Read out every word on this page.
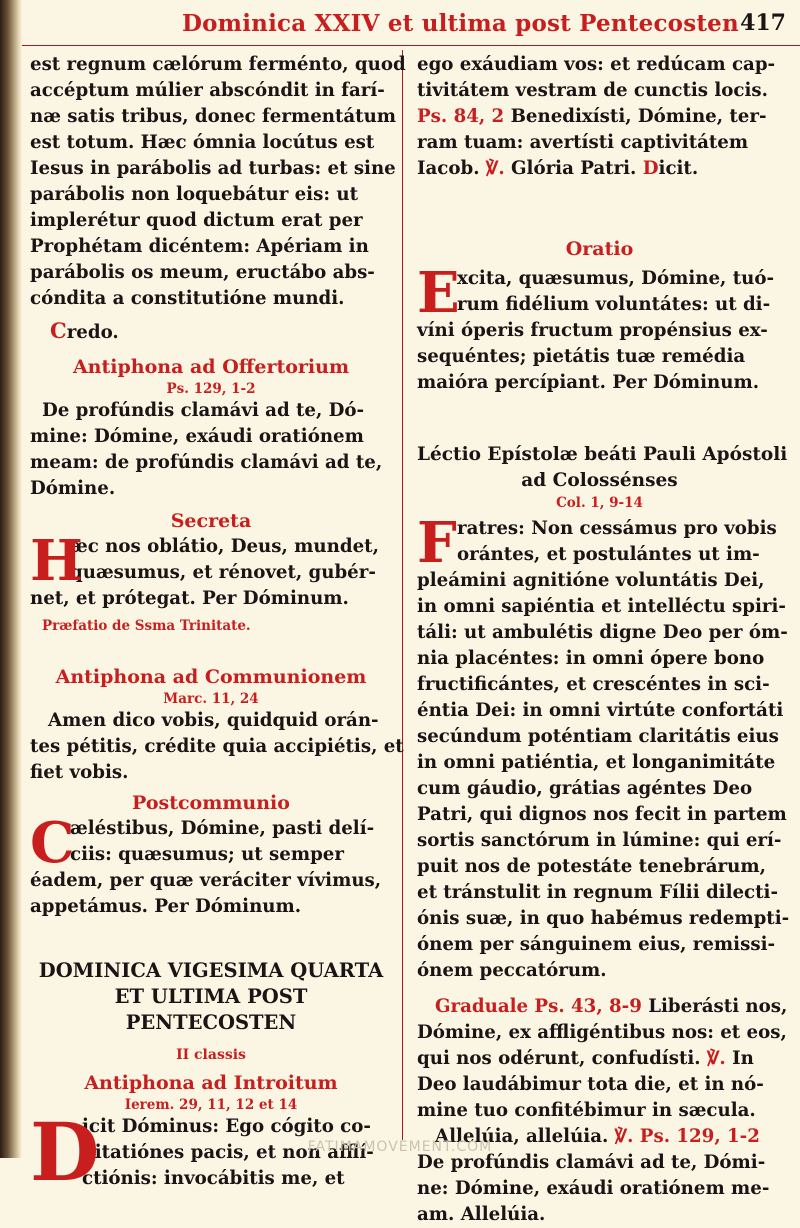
Dominica XXIV et ultima post Pentecosten 417
est regnum cælórum ferménto, quod
accéptum múlier abscóndit in farí-
næ satis tribus, donec fermentátum
est totum. Hæc ómnia locútus est
Iesus in parábolis ad turbas: et sine
parábolis non loquebátur eis: ut
implerétur quod dictum erat per
Prophétam dicéntem: Apériam in
parábolis os meum, eructábo abs-
cóndita a constitutióne mundi.
Credo.
Antiphona ad Offertorium
Ps. 129, 1-2
De profúndis clamávi ad te, Dó-
mine: Dómine, exáudi oratiónem
meam: de profúndis clamávi ad te,
Dómine.
Secreta
H
æc nos oblátio, Deus, mundet,
quæsumus, et rénovet, gubér-
net, et prótegat. Per Dóminum.
Præfatio de Ssma Trinitate.
Antiphona ad Communionem
Marc. 11, 24
Amen dico vobis, quidquid orán-
tes pétitis, crédite quia accipiétis, et
fiet vobis.
Postcommunio
C
æléstibus, Dómine, pasti delí-
ciis: quæsumus; ut semper
éadem, per quæ veráciter vívimus,
appetámus. Per Dóminum.
DOMINICA VIGESIMA QUARTA
ET ULTIMA POST
PENTECOSTEN
II classis
Antiphona ad Introitum
Ierem. 29, 11, 12 et 14
D
icit Dóminus: Ego cógito co-
gitatiónes pacis, et non afflí-
ctiónis: invocábitis me, et
ego exáudiam vos: et redúcam cap-
tivitátem vestram de cunctis locis.
Ps. 84, 2 Benedixísti, Dómine, ter-
ram tuam: avertísti captivitátem
Iacob. ℣. Glória Patri. Dicit.
Oratio
E
xcita, quæsumus, Dómine, tuó-
rum fidélium voluntátes: ut di-
víni óperis fructum propénsius ex-
sequéntes; pietátis tuæ remédia
maióra percípiant. Per Dóminum.
Léctio Epístolæ beáti Pauli Apóstoli
ad Colossénses
Col. 1, 9-14
F ratres: Non cessámus pro vobis
orántes, et postulántes ut im-
pleámini agnitióne voluntátis Dei,
in omni sapiéntia et intelléctu spiri-
táli: ut ambulétis digne Deo per óm-
nia placéntes: in omni ópere bono
fructificántes, et crescéntes in sci-
éntia Dei: in omni virtúte confortáti
secúndum poténtiam claritátis eius
in omni patiéntia, et longanimitáte
cum gáudio, grátias agéntes Deo
Patri, qui dignos nos fecit in partem
sortis sanctórum in lúmine: qui erí-
puit nos de potestáte tenebrárum,
et tránstulit in regnum Fílii dilecti-
ónis suæ, in quo habémus redempti-
ónem per sánguinem eius, remissi-
ónem peccatórum.
Graduale Ps. 43, 8-9 Liberásti nos,
Dómine, ex affligéntibus nos: et eos,
qui nos odérunt, confudísti. ℣. In
Deo laudábimur tota die, et in nó-
mine tuo confitébimur in sæcula.
Allelúia, allelúia. ℣. Ps. 129, 1-2
De profúndis clamávi ad te, Dómi-
ne: Dómine, exáudi oratiónem me-
am. Allelúia.
FATIMAMOVEMENT.COM
